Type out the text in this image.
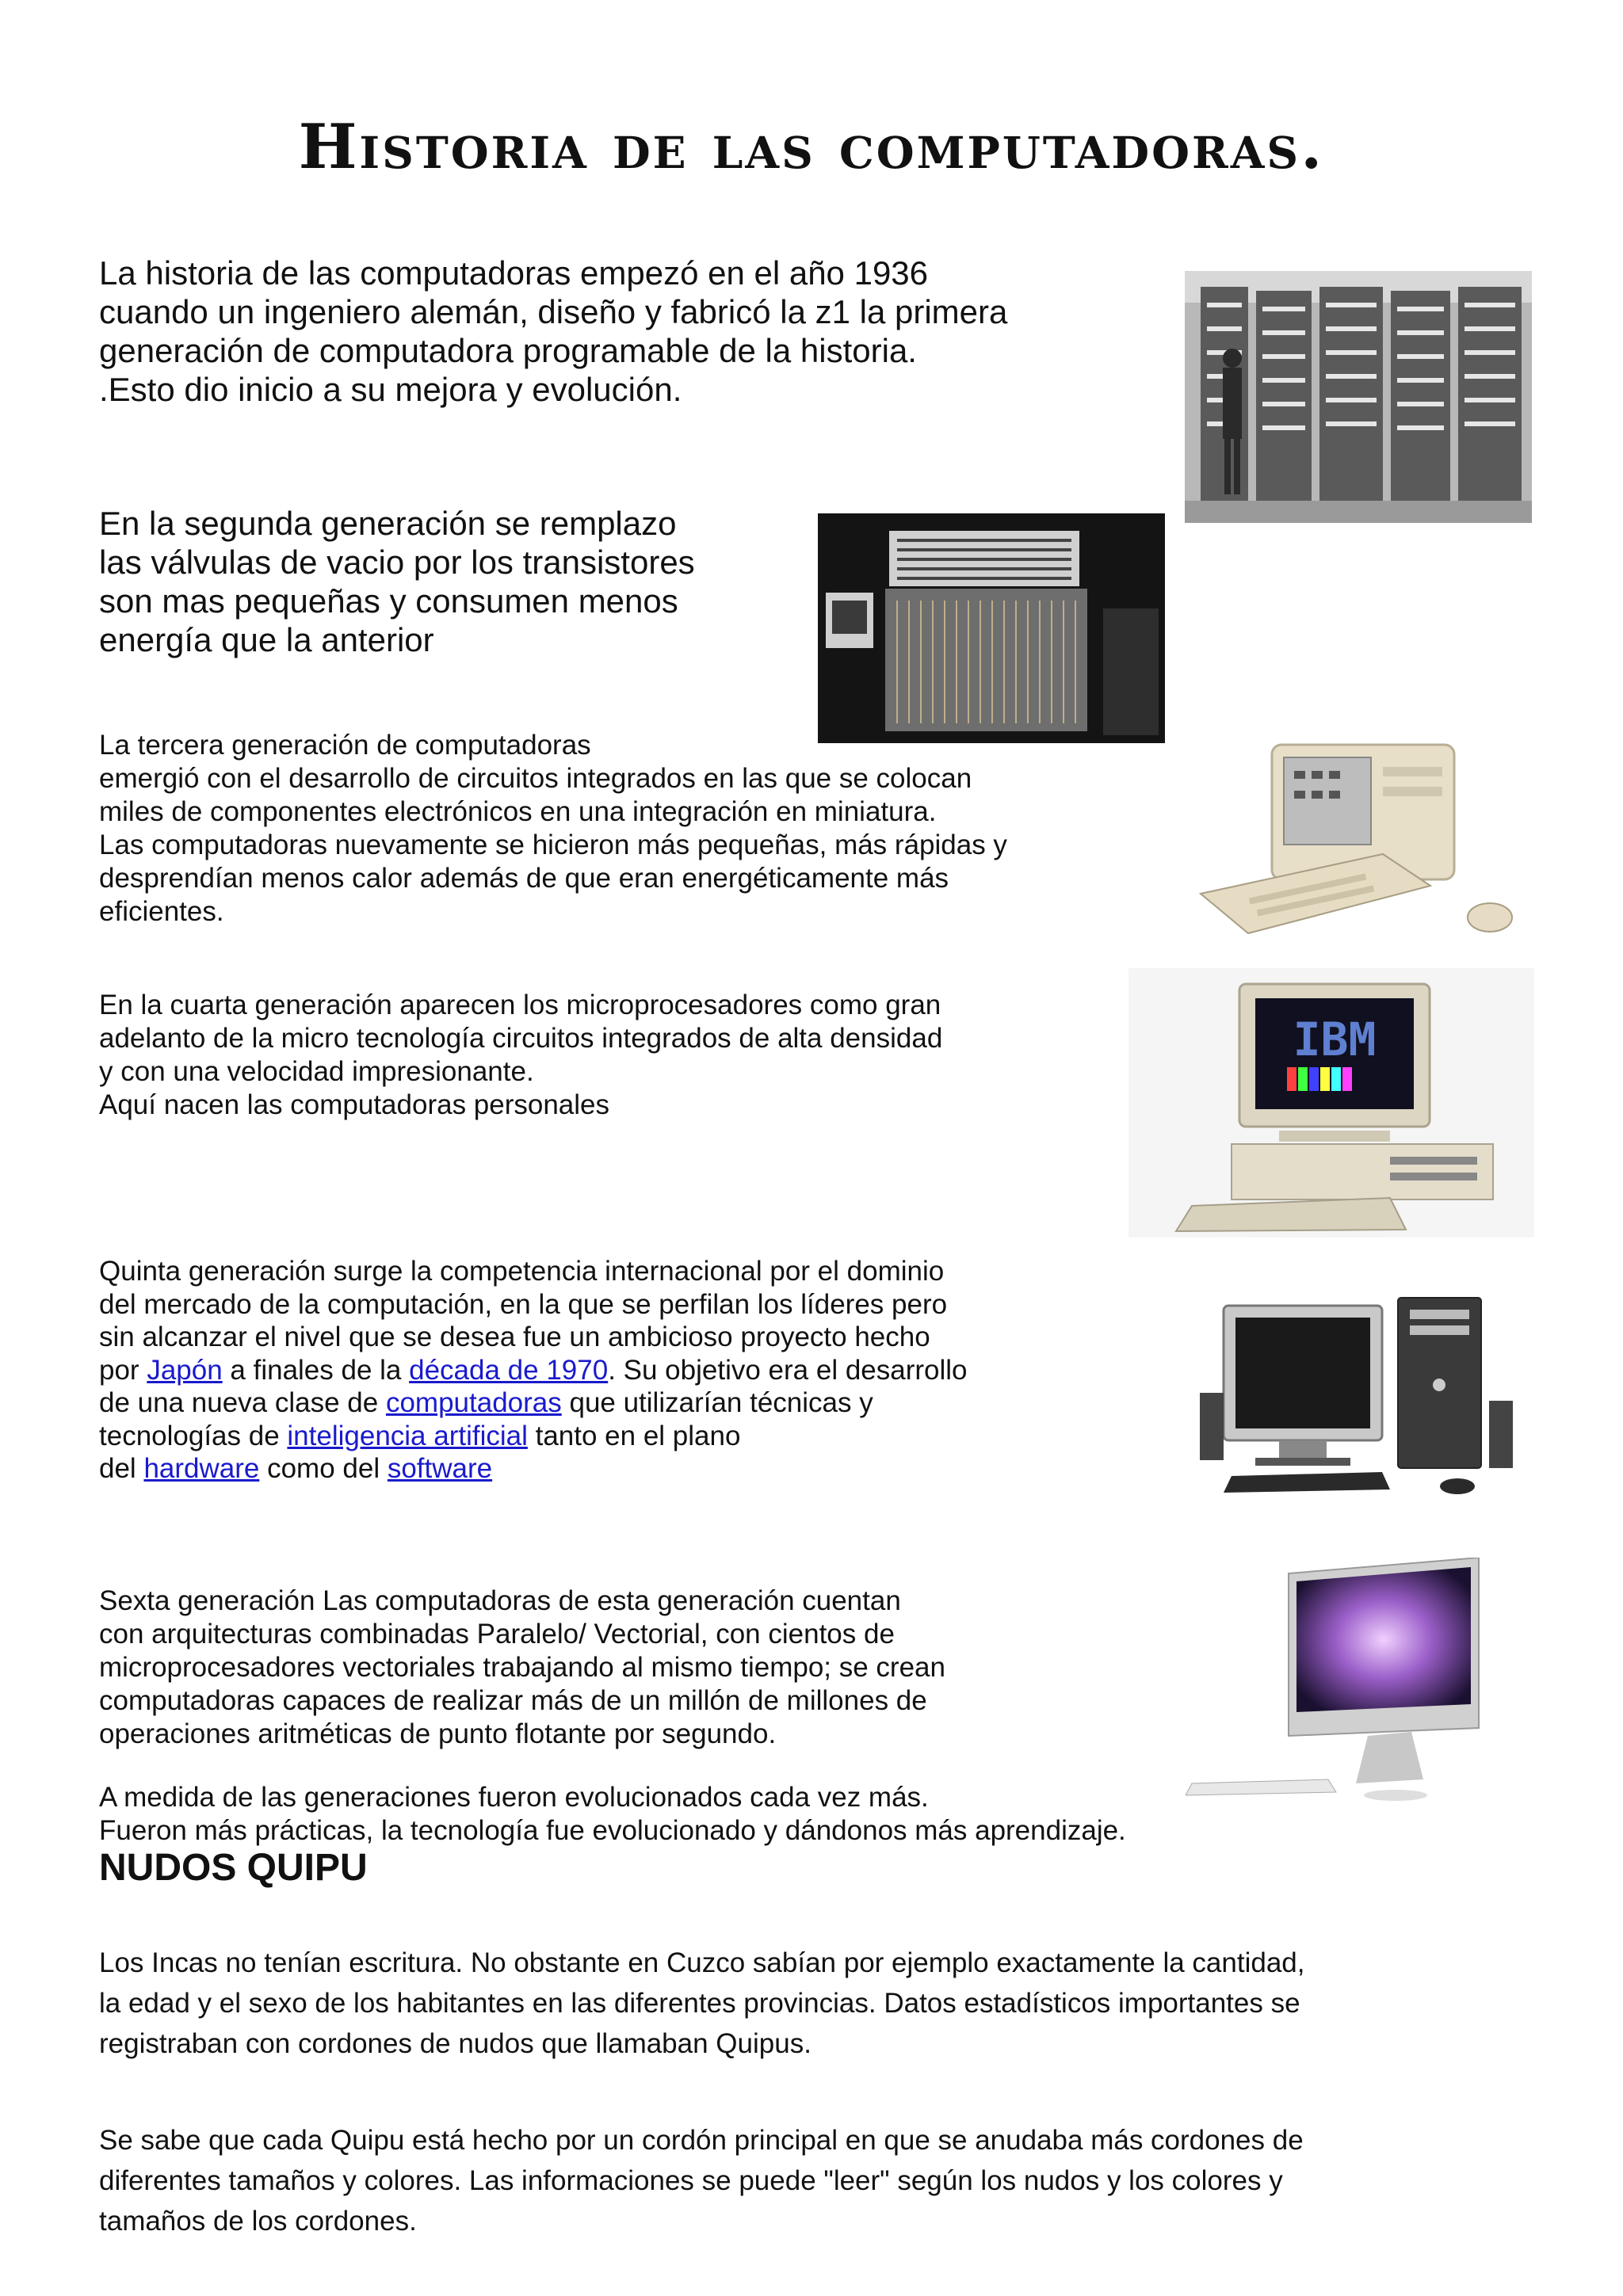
Historia de las computadoras.

La historia de las computadoras empezó en el año 1936
cuando un ingeniero alemán, diseño y fabricó la z1 la primera
generación de computadora programable de la historia.
.Esto dio inicio a su mejora y evolución.

En la segunda generación se remplazo
las válvulas de vacio por los transistores
son mas pequeñas y consumen menos
energía que la anterior

La tercera generación de computadoras
emergió con el desarrollo de circuitos integrados en las que se colocan
miles de componentes electrónicos en una integración en miniatura.
Las computadoras nuevamente se hicieron más pequeñas, más rápidas y
desprendían menos calor además de que eran energéticamente más
eficientes.

En la cuarta generación aparecen los microprocesadores como gran
adelanto de la micro tecnología circuitos integrados de alta densidad
y con una velocidad impresionante.
Aquí nacen las computadoras personales

Quinta generación surge la competencia internacional por el dominio
del mercado de la computación, en la que se perfilan los líderes pero
sin alcanzar el nivel que se desea fue un ambicioso proyecto hecho
por Japón a finales de la década de 1970. Su objetivo era el desarrollo
de una nueva clase de computadoras que utilizarían técnicas y
tecnologías de inteligencia artificial tanto en el plano
del hardware como del software

Sexta generación Las computadoras de esta generación cuentan
con arquitecturas combinadas Paralelo/ Vectorial, con cientos de
microprocesadores vectoriales trabajando al mismo tiempo; se crean
computadoras capaces de realizar más de un millón de millones de
operaciones aritméticas de punto flotante por segundo.

A medida de las generaciones fueron evolucionados cada vez más.
Fueron más prácticas, la tecnología fue evolucionado y dándonos más aprendizaje.

NUDOS QUIPU

Los Incas no tenían escritura. No obstante en Cuzco sabían por ejemplo exactamente la cantidad,
la edad y el sexo de los habitantes en las diferentes provincias. Datos estadísticos importantes se
registraban con cordones de nudos que llamaban Quipus.

Se sabe que cada Quipu está hecho por un cordón principal en que se anudaba más cordones de
diferentes tamaños y colores. Las informaciones se puede "leer" según los nudos y los colores y
tamaños de los cordones.

IBM
